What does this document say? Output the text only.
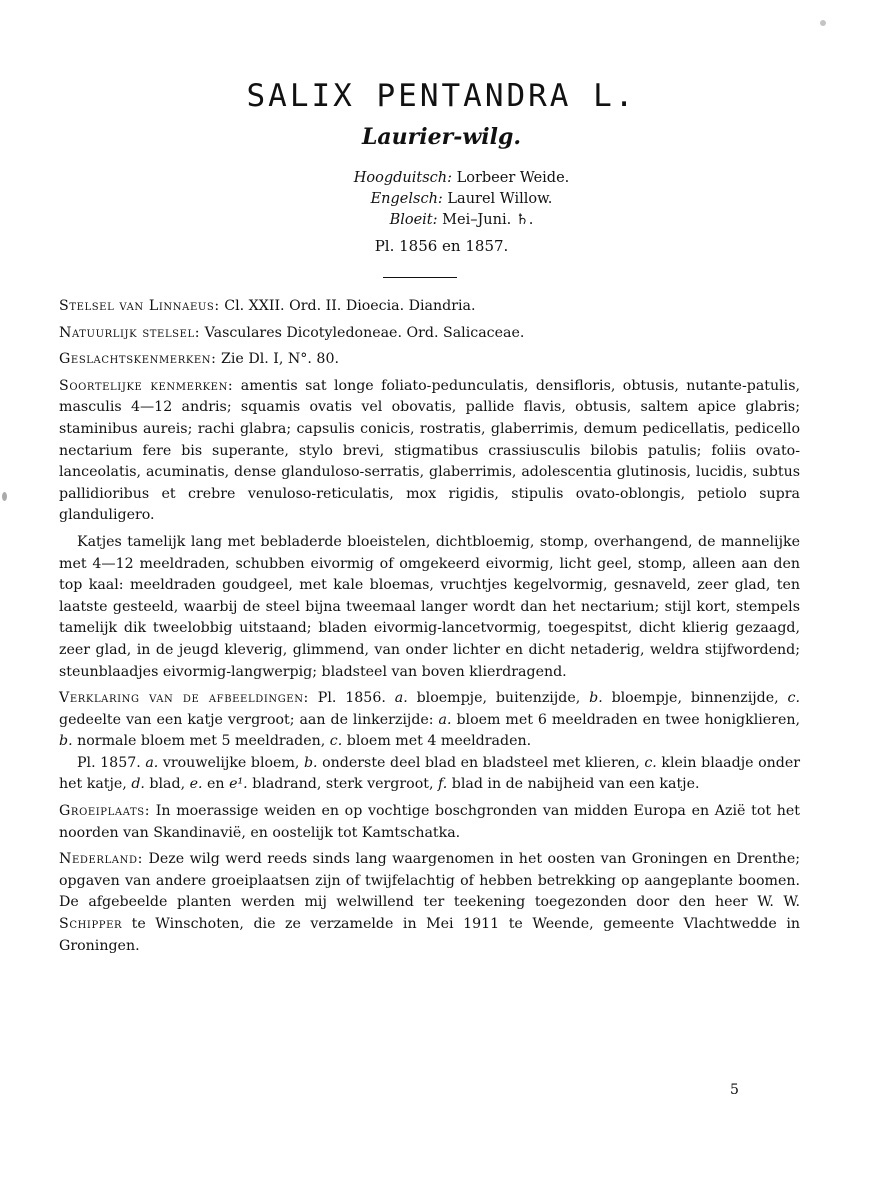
SALIX PENTANDRA L.
Laurier-wilg.
Hoogduitsch: Lorbeer Weide.
Engelsch: Laurel Willow.
Bloeit: Mei–Juni. ♄.
Pl. 1856 en 1857.

Stelsel van Linnaeus: Cl. XXII. Ord. II. Dioecia. Diandria.

Natuurlijk stelsel: Vasculares Dicotyledoneae. Ord. Salicaceae.

Geslachtskenmerken: Zie Dl. I, N°. 80.

Soortelijke kenmerken: amentis sat longe foliato-pedunculatis, densifloris, obtusis, nutante-patulis, masculis 4—12 andris; squamis ovatis vel obovatis, pallide flavis, obtusis, saltem apice glabris; staminibus aureis; rachi glabra; capsulis conicis, rostratis, glaberrimis, demum pedicellatis, pedicello nectarium fere bis superante, stylo brevi, stigmatibus crassiusculis bilobis patulis; foliis ovato-lanceolatis, acuminatis, dense glanduloso-serratis, glaberrimis, adolescentia glutinosis, lucidis, subtus pallidioribus et crebre venuloso-reticulatis, mox rigidis, stipulis ovato-oblongis, petiolo supra glanduligero.

Katjes tamelijk lang met bebladerde bloeistelen, dichtbloemig, stomp, overhangend, de mannelijke met 4—12 meeldraden, schubben eivormig of omgekeerd eivormig, licht geel, stomp, alleen aan den top kaal: meeldraden goudgeel, met kale bloemas, vruchtjes kegelvormig, gesnaveld, zeer glad, ten laatste gesteeld, waarbij de steel bijna tweemaal langer wordt dan het nectarium; stijl kort, stempels tamelijk dik tweelobbig uitstaand; bladen eivormig-lancetvormig, toegespitst, dicht klierig gezaagd, zeer glad, in de jeugd kleverig, glimmend, van onder lichter en dicht netaderig, weldra stijfwordend; steunblaadjes eivormig-langwerpig; bladsteel van boven klierdragend.

Verklaring van de afbeeldingen: Pl. 1856. a. bloempje, buitenzijde, b. bloempje, binnenzijde, c. gedeelte van een katje vergroot; aan de linkerzijde: a. bloem met 6 meeldraden en twee honigklieren, b. normale bloem met 5 meeldraden, c. bloem met 4 meeldraden.

Pl. 1857. a. vrouwelijke bloem, b. onderste deel blad en bladsteel met klieren, c. klein blaadje onder het katje, d. blad, e. en e¹. bladrand, sterk vergroot, f. blad in de nabijheid van een katje.

Groeiplaats: In moerassige weiden en op vochtige boschgronden van midden Europa en Azië tot het noorden van Skandinavië, en oostelijk tot Kamtschatka.

Nederland: Deze wilg werd reeds sinds lang waargenomen in het oosten van Groningen en Drenthe; opgaven van andere groeiplaatsen zijn of twijfelachtig of hebben betrekking op aangeplante boomen. De afgebeelde planten werden mij welwillend ter teekening toegezonden door den heer W. W. Schipper te Winschoten, die ze verzamelde in Mei 1911 te Weende, gemeente Vlachtwedde in Groningen.

5
